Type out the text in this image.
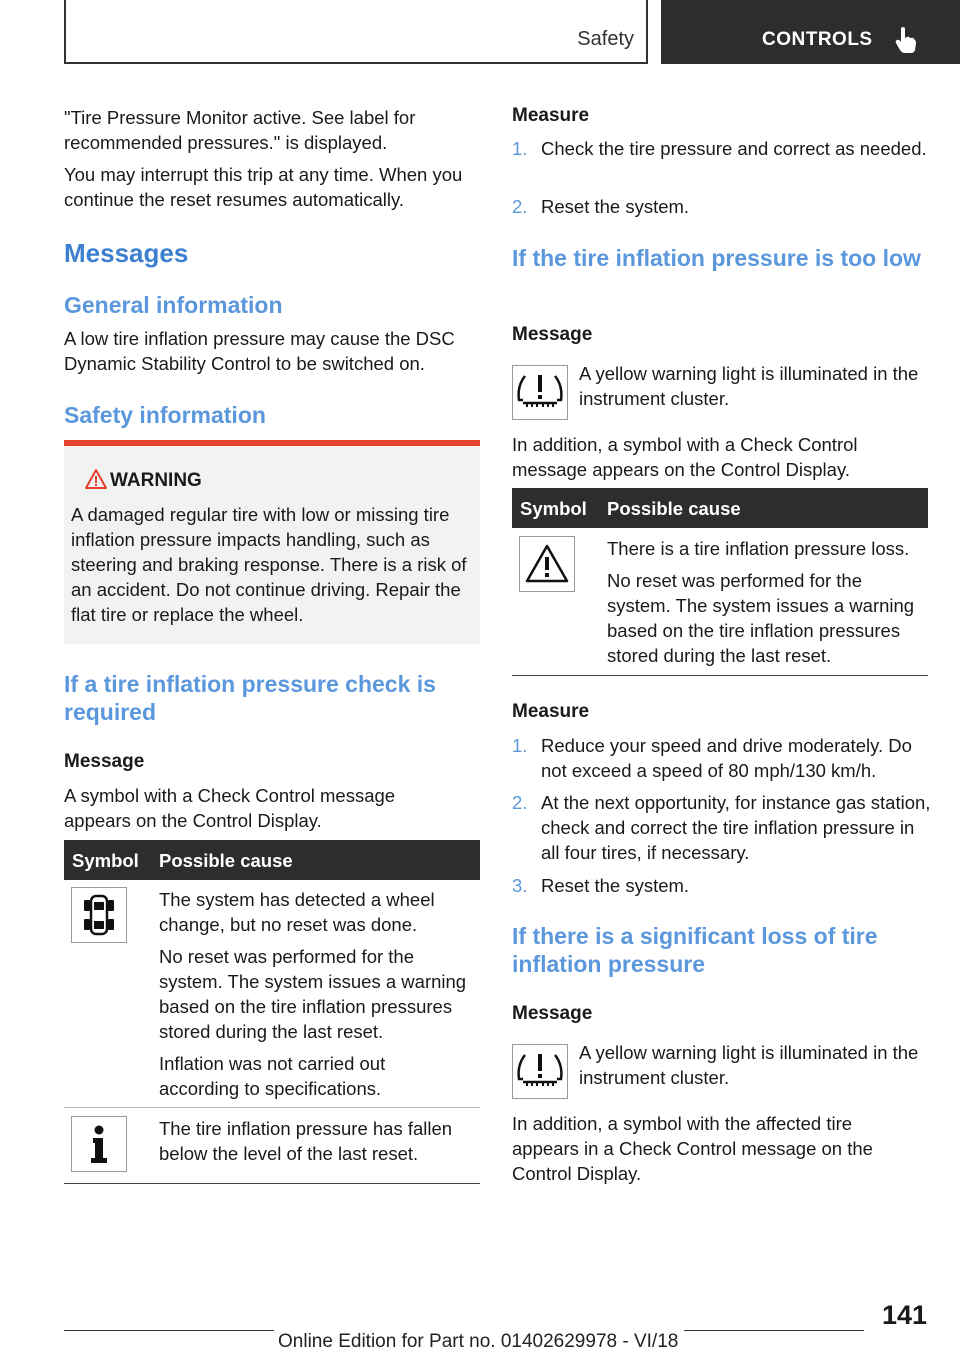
Safety	CONTROLS

"Tire Pressure Monitor active. See label for recommended pressures." is displayed.

You may interrupt this trip at any time. When you continue the reset resumes automatically.

Messages
General information

A low tire inflation pressure may cause the DSC Dynamic Stability Control to be switched on.

Safety information
WARNING

A damaged regular tire with low or missing tire inflation pressure impacts handling, such as steering and braking response. There is a risk of an accident. Do not continue driving. Repair the flat tire or replace the wheel.

If a tire inflation pressure check is required
Message

A symbol with a Check Control message appears on the Control Display.

Symbol Possible cause

The system has detected a wheel change, but no reset was done.

No reset was performed for the system. The system issues a warning based on the tire inflation pressures stored during the last reset.

Inflation was not carried out according to specifications.

The tire inflation pressure has fallen below the level of the last reset.

Measure
1. Check the tire pressure and correct as needed.
2. Reset the system.
If the tire inflation pressure is too low
Message

A yellow warning light is illuminated in the instrument cluster.

In addition, a symbol with a Check Control message appears on the Control Display.

Symbol Possible cause

There is a tire inflation pressure loss.

No reset was performed for the system. The system issues a warning based on the tire inflation pressures stored during the last reset.

Measure
1. Reduce your speed and drive moderately. Do not exceed a speed of 80 mph/130 km/h.
2. At the next opportunity, for instance gas station, check and correct the tire inflation pressure in all four tires, if necessary.
3. Reset the system.
If there is a significant loss of tire inflation pressure
Message

A yellow warning light is illuminated in the instrument cluster.

In addition, a symbol with the affected tire appears in a Check Control message on the Control Display.

141
Online Edition for Part no. 01402629978 - VI/18
